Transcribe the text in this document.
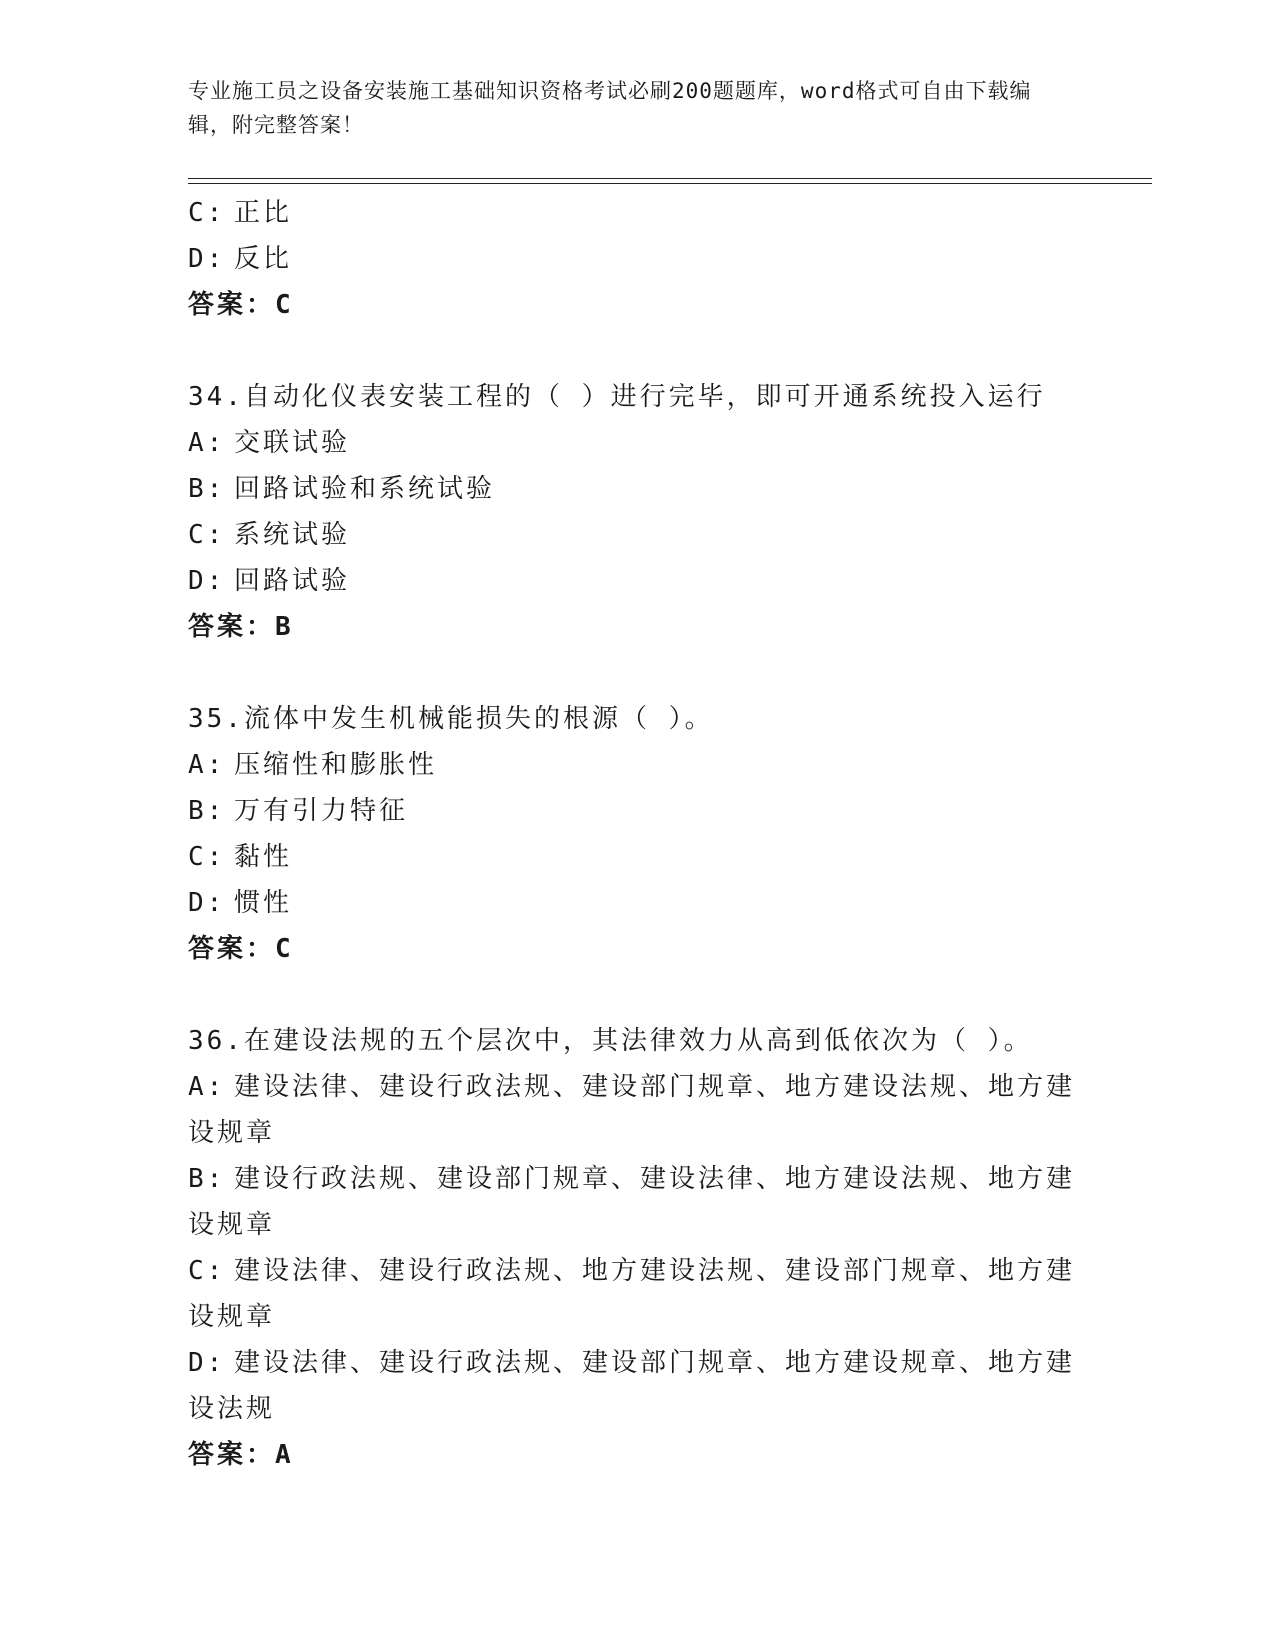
专业施工员之设备安装施工基础知识资格考试必刷200题题库，word格式可自由下载编辑，附完整答案！
C: 正比
D: 反比
答案：C
34.自动化仪表安装工程的（ ）进行完毕，即可开通系统投入运行
A: 交联试验
B: 回路试验和系统试验
C: 系统试验
D: 回路试验
答案：B
35.流体中发生机械能损失的根源（ ）。
A: 压缩性和膨胀性
B: 万有引力特征
C: 黏性
D: 惯性
答案：C
36.在建设法规的五个层次中，其法律效力从高到低依次为（ ）。
A: 建设法律、建设行政法规、建设部门规章、地方建设法规、地方建设规章
B: 建设行政法规、建设部门规章、建设法律、地方建设法规、地方建设规章
C: 建设法律、建设行政法规、地方建设法规、建设部门规章、地方建设规章
D: 建设法律、建设行政法规、建设部门规章、地方建设规章、地方建设法规
答案：A
